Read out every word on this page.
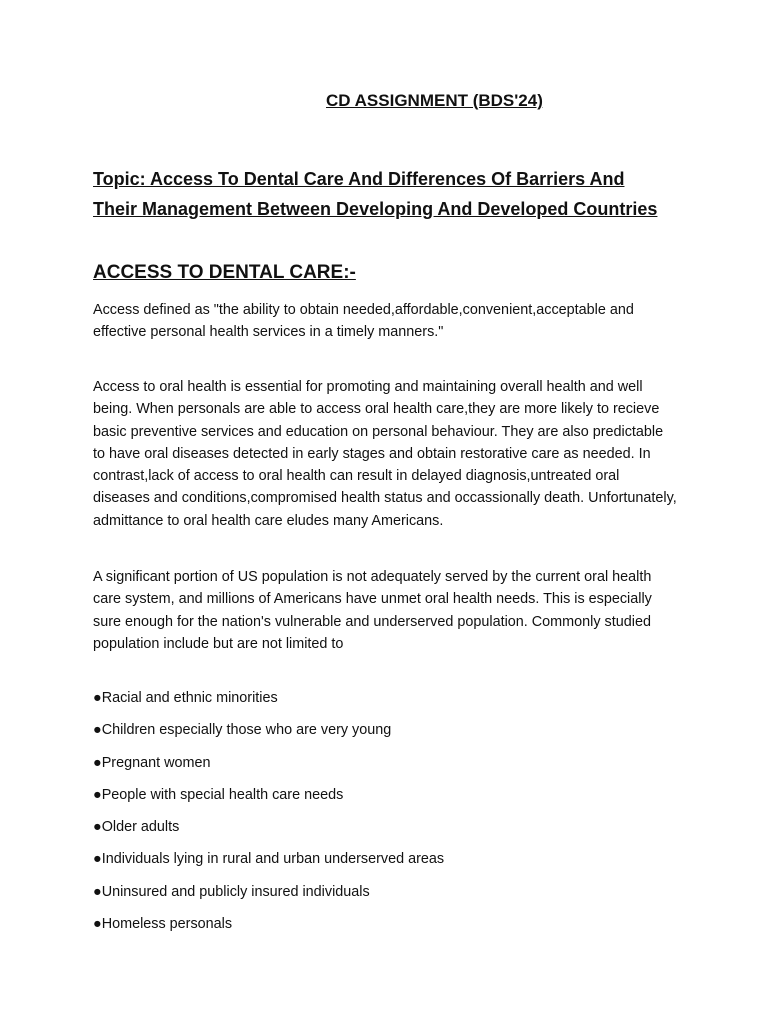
CD ASSIGNMENT (BDS'24)
Topic: Access To Dental Care And Differences Of Barriers And Their Management Between Developing And Developed Countries
ACCESS TO DENTAL CARE:-

Access defined as "the ability to obtain needed,affordable,convenient,acceptable and effective personal health services in a timely manners."

Access to oral health is essential for promoting and maintaining overall health and well being. When personals are able to access oral health care,they are more likely to recieve basic preventive services and education on personal behaviour. They are also predictable to have oral diseases detected in early stages and obtain restorative care as needed. In contrast,lack of access to oral health can result in delayed diagnosis,untreated oral diseases and conditions,compromised health status and occassionally death. Unfortunately, admittance to oral health care eludes many Americans.

A significant portion of US population is not adequately served by the current oral health care system, and millions of Americans have unmet oral health needs. This is especially sure enough for the nation's vulnerable and underserved population. Commonly studied population include but are not limited to

●Racial and ethnic minorities
●Children especially those who are very young
●Pregnant women
●People with special health care needs
●Older adults
●Individuals lying in rural and urban underserved areas
●Uninsured and publicly insured individuals
●Homeless personals
